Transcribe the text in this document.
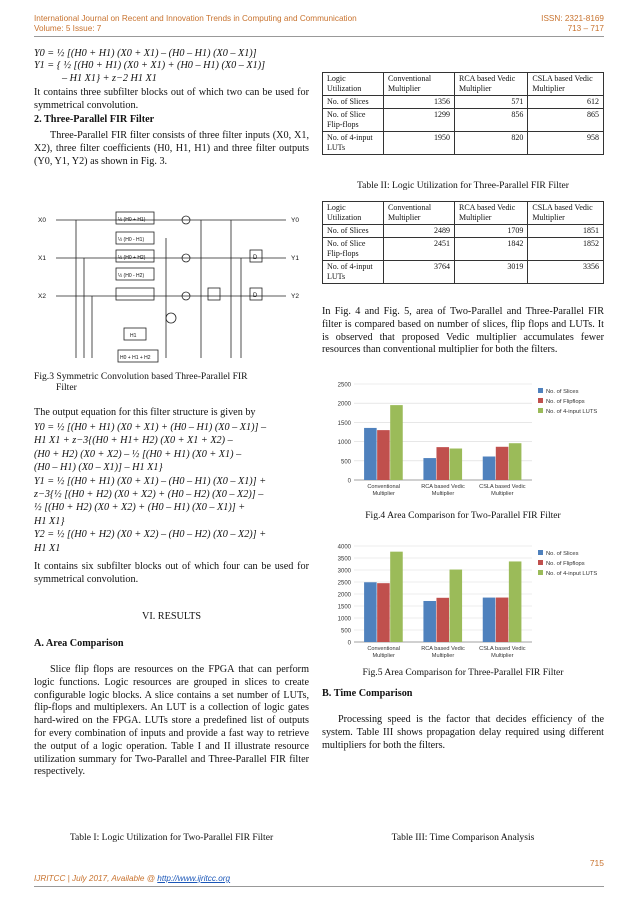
International Journal on Recent and Innovation Trends in Computing and Communication
Volume: 5 Issue: 7
ISSN: 2321-8169
713 – 717
Y0 = ½ [(H0 + H1) (X0 + X1) – (H0 – H1) (X0 – X1)]
Y1 = { ½ [(H0 + H1) (X0 + X1) + (H0 – H1) (X0 – X1)]
– H1 X1} + z−2 H1 X1
It contains three subfilter blocks out of which two can be used for symmetrical convolution.
2. Three-Parallel FIR Filter
Three-Parallel FIR filter consists of three filter inputs (X0, X1, X2), three filter coefficients (H0, H1, H1) and three filter outputs (Y0, Y1, Y2) as shown in Fig. 3.
X0
X1
X2
Y0
Y1
Y2
½ (H0 + H1)
½ (H0 - H1)
½ (H0 + H2)
½ (H0 - H2)
H1
H0 + H1 + H2
D
D
Fig.3 Symmetric Convolution based Three-Parallel FIR
Filter
The output equation for this filter structure is given by
Y0 = ½ [(H0 + H1) (X0 + X1) + (H0 – H1) (X0 – X1)] –
H1 X1 + z−3{(H0 + H1+ H2) (X0 + X1 + X2) –
(H0 + H2) (X0 + X2) – ½ [(H0 + H1) (X0 + X1) –
(H0 – H1) (X0 – X1)] – H1 X1}
Y1 = ½ [(H0 + H1) (X0 + X1) – (H0 – H1) (X0 – X1)] +
z−3{½ [(H0 + H2) (X0 + X2) + (H0 – H2) (X0 – X2)] –
½ [(H0 + H2) (X0 + X2) + (H0 – H1) (X0 – X1)] +
H1 X1}
Y2 = ½ [(H0 + H2) (X0 + X2) – (H0 – H2) (X0 – X2)] +
H1 X1
It contains six subfilter blocks out of which four can be used for symmetrical convolution.
VI. RESULTS
A. Area Comparison
Slice flip flops are resources on the FPGA that can perform logic functions. Logic resources are grouped in slices to create configurable logic blocks. A slice contains a set number of LUTs, flip-flops and multiplexers. An LUT is a collection of logic gates hard-wired on the FPGA. LUTs store a predefined list of outputs for every combination of inputs and provide a fast way to retrieve the output of a logic operation. Table I and II illustrate resource utilization summary for Two-Parallel and Three-Parallel FIR filter respectively.
Table I: Logic Utilization for Two-Parallel FIR Filter
Logic Utilization	Conventional Multiplier	RCA based Vedic Multiplier	CSLA based Vedic Multiplier
No. of Slices	1356	571	612
No. of Slice Flip-flops	1299	856	865
No. of 4-input LUTs	1950	820	958
Table II: Logic Utilization for Three-Parallel FIR Filter
Logic Utilization	Conventional Multiplier	RCA based Vedic Multiplier	CSLA based Vedic Multiplier
No. of Slices	2489	1709	1851
No. of Slice Flip-flops	2451	1842	1852
No. of 4-input LUTs	3764	3019	3356
In Fig. 4 and Fig. 5, area of Two-Parallel and Three-Parallel FIR filter is compared based on number of slices, flip flops and LUTs. It is observed that proposed Vedic multiplier accumulates fewer resources than conventional multiplier for both the filters.
0
500
1000
1500
2000
2500
Conventional
Multiplier
RCA based Vedic
Multiplier
CSLA based Vedic
Multiplier
No. of Slices
No. of Flipflops
No. of 4-input LUTS
Fig.4 Area Comparison for Two-Parallel FIR Filter
0
500
1000
1500
2000
2500
3000
3500
4000
Conventional
Multiplier
RCA based Vedic
Multiplier
CSLA based Vedic
Multiplier
No. of Slices
No. of Flipflops
No. of 4-input LUTS
Fig.5 Area Comparison for Three-Parallel FIR Filter
B. Time Comparison
Processing speed is the factor that decides efficiency of the system. Table III shows propagation delay required using different multipliers for both the filters.
Table III: Time Comparison Analysis
715
IJRITCC | July 2017, Available @ http://www.ijritcc.org
